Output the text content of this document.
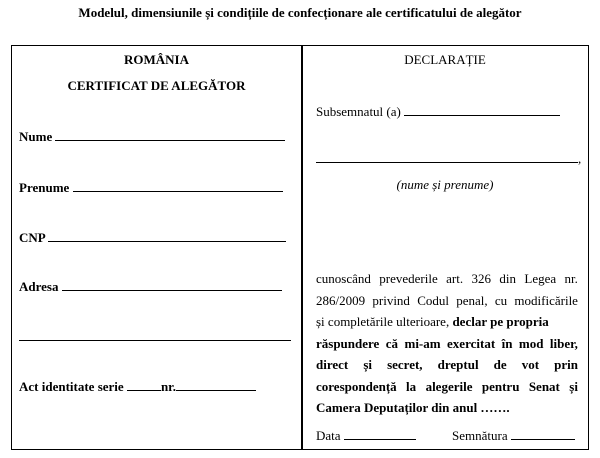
Modelul, dimensiunile și condițiile de confecționare ale certificatului de alegător
ROMÂNIA
CERTIFICAT DE ALEGĂTOR
Nume
Prenume
CNP
Adresa
Act identitate serie	nr.
DECLARAȚIE
Subsemnatul (a)
,
(nume și prenume)
cunoscând prevederile art. 326 din Legea nr.
286/2009 privind Codul penal, cu modificările
și completările ulterioare, declar pe propria
răspundere că mi-am exercitat în mod liber,
direct și secret, dreptul de vot prin
corespondență la alegerile pentru Senat și
Camera Deputaților din anul …….
Data	Semnătura
